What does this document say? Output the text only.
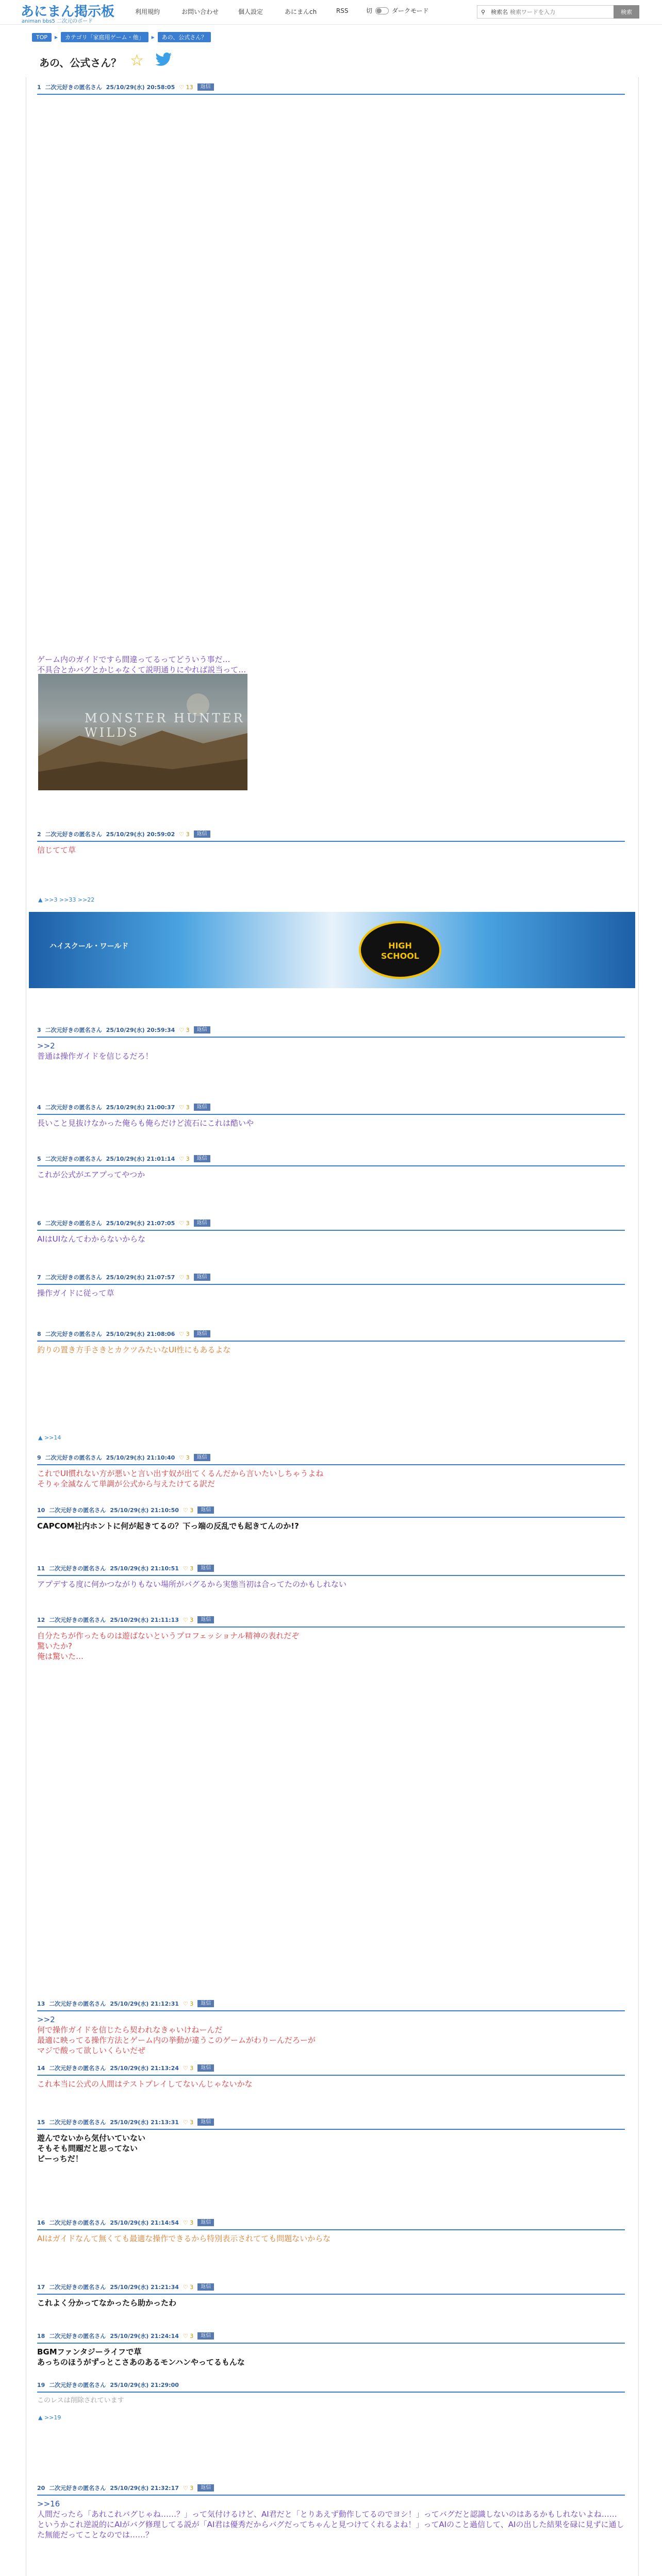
あにまん掲示板
animan bbs5 二次元のボード
利用規約	お問い合わせ	個人設定	あにまんch	RSS	切	ダークモード	⚲ 検索名
検索ワードを入力	検索
TOP	▸	カテゴリ「家庭用ゲーム・他」	▸	あの、公式さん？
あの、公式さん？ ☆
MONSTER HUNTER WILDS
ハイスクール・ワールド	HIGH
SCHOOL
1 二次元好きの匿名さん 25/10/29(水) 20:58:05 ♡ 13	返信
ゲーム内のガイドですら間違ってるってどういう事だ…
不具合とかバグとかじゃなくて説明通りにやれば説当って…
2 二次元好きの匿名さん 25/10/29(水) 20:59:02 ♡ 3	返信
信じてて草
3 二次元好きの匿名さん 25/10/29(水) 20:59:34 ♡ 3	返信
>>2
普通は操作ガイドを信じるだろ！
4 二次元好きの匿名さん 25/10/29(水) 21:00:37 ♡ 3	返信
長いこと見抜けなかった俺らも俺らだけど流石にこれは酷いや
5 二次元好きの匿名さん 25/10/29(水) 21:01:14 ♡ 3	返信
これが公式がエアプってやつか
6 二次元好きの匿名さん 25/10/29(水) 21:07:05 ♡ 3	返信
AIはUIなんてわからないからな
7 二次元好きの匿名さん 25/10/29(水) 21:07:57 ♡ 3	返信
操作ガイドに従って草
8 二次元好きの匿名さん 25/10/29(水) 21:08:06 ♡ 3	返信
釣りの置き方手さきとカクツみたいなUI性にもあるよな
9 二次元好きの匿名さん 25/10/29(水) 21:10:40 ♡ 3	返信
これでUI慣れない方が悪いと言い出す奴が出てくるんだから言いたいしちゃうよね
そりゃ全滅なんて単調が公式から与えたけてる訳だ
10 二次元好きの匿名さん 25/10/29(水) 21:10:50 ♡ 3	返信
CAPCOM社内ホントに何が起きてるの？下っ端の反乱でも起きてんのか!?
11 二次元好きの匿名さん 25/10/29(水) 21:10:51 ♡ 3	返信
アプデする度に何かつながりもない場所がバグるから実態当初は合ってたのかもしれない
12 二次元好きの匿名さん 25/10/29(水) 21:11:13 ♡ 3	返信
自分たちが作ったものは遊ばないというプロフェッショナル精神の表れだぞ
驚いたか?
俺は驚いた…
13 二次元好きの匿名さん 25/10/29(水) 21:12:31 ♡ 3	返信
>>2
何で操作ガイドを信じたら契われなきゃいけねーんだ
最適に映ってる操作方法とゲーム内の挙動が違うこのゲームがわりーんだろーが
マジで酸って欲しいくらいだぜ
14 二次元好きの匿名さん 25/10/29(水) 21:13:24 ♡ 3	返信
これ本当に公式の人間はテストプレイしてないんじゃないかな
15 二次元好きの匿名さん 25/10/29(水) 21:13:31 ♡ 3	返信
遊んでないから気付いていない
そもそも問題だと思ってない
ビーっちだ！
16 二次元好きの匿名さん 25/10/29(水) 21:14:54 ♡ 3	返信
AIはガイドなんて無くても最適な操作できるから特別表示されてても問題ないからな
17 二次元好きの匿名さん 25/10/29(水) 21:21:34 ♡ 3	返信
これよく分かってなかったら助かったわ
18 二次元好きの匿名さん 25/10/29(水) 21:24:14 ♡ 3	返信
BGMファンタジーライフで草
あっちのほうがずっとこさあのあるモンハンやってるもんな
19 二次元好きの匿名さん 25/10/29(水) 21:29:00
このレスは削除されています
20 二次元好きの匿名さん 25/10/29(水) 21:32:17 ♡ 3	返信
>>16
人間だったら「あれこれバグじゃね……？」って気付けるけど、AI君だと「とりあえず動作してるのでヨシ！」ってバグだと認識しないのはあるかもしれないよね……
というかこれ逆説的にAIがバグ修理してる説が「AI君は優秀だからバグだってちゃんと見つけてくれるよね！」ってAIのこと過信して、AIの出した結果を碌に見ずに通した無能だってことなのでは……？
▲ >>3 >>33 >>22
▲ >>14
▲ >>19
